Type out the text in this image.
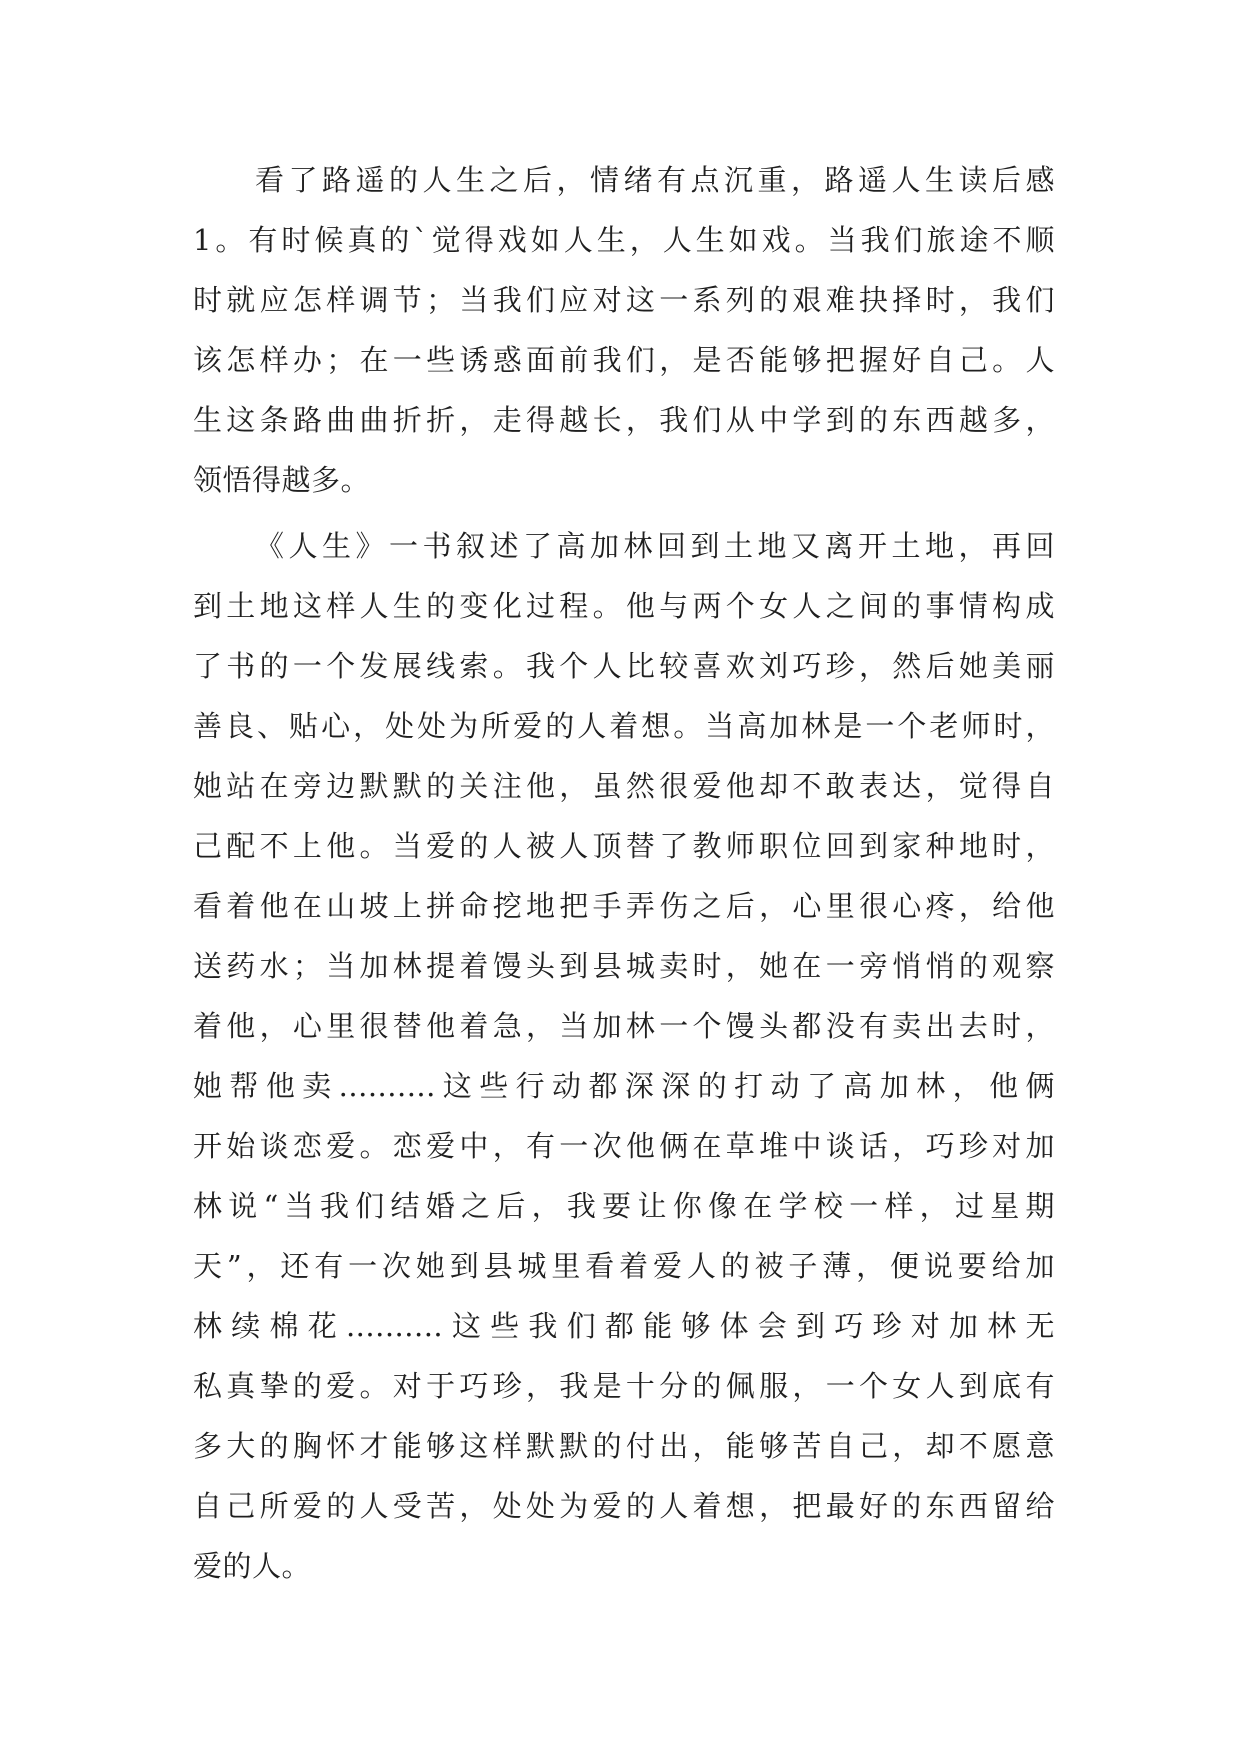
看了路遥的人生之后，情绪有点沉重，路遥人生读后感
1。有时候真的`觉得戏如人生，人生如戏。当我们旅途不顺
时就应怎样调节；当我们应对这一系列的艰难抉择时，我们
该怎样办；在一些诱惑面前我们，是否能够把握好自己。人
生这条路曲曲折折，走得越长，我们从中学到的东西越多，
领悟得越多。
《人生》一书叙述了高加林回到土地又离开土地，再回
到土地这样人生的变化过程。他与两个女人之间的事情构成
了书的一个发展线索。我个人比较喜欢刘巧珍，然后她美丽
善良、贴心，处处为所爱的人着想。当高加林是一个老师时，
她站在旁边默默的关注他，虽然很爱他却不敢表达，觉得自
己配不上他。当爱的人被人顶替了教师职位回到家种地时，
看着他在山坡上拼命挖地把手弄伤之后，心里很心疼，给他
送药水；当加林提着馒头到县城卖时，她在一旁悄悄的观察
着他，心里很替他着急，当加林一个馒头都没有卖出去时，
她帮他卖..........这些行动都深深的打动了高加林，他俩
开始谈恋爱。恋爱中，有一次他俩在草堆中谈话，巧珍对加
林说“当我们结婚之后，我要让你像在学校一样，过星期
天”，还有一次她到县城里看着爱人的被子薄，便说要给加
林续棉花..........这些我们都能够体会到巧珍对加林无
私真挚的爱。对于巧珍，我是十分的佩服，一个女人到底有
多大的胸怀才能够这样默默的付出，能够苦自己，却不愿意
自己所爱的人受苦，处处为爱的人着想，把最好的东西留给
爱的人。
